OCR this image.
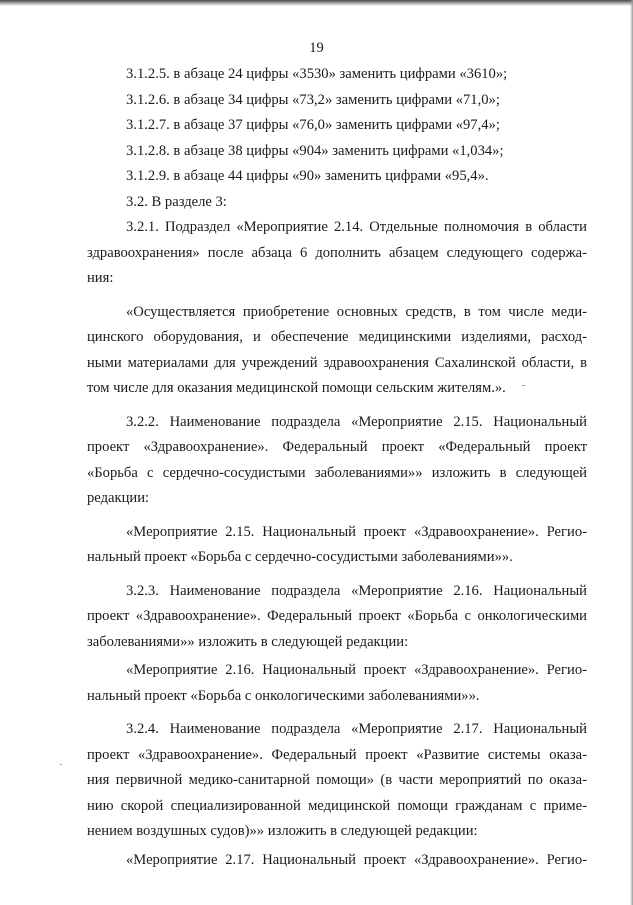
19
3.1.2.5. в абзаце 24 цифры «3530» заменить цифрами «3610»;
3.1.2.6. в абзаце 34 цифры «73,2» заменить цифрами «71,0»;
3.1.2.7. в абзаце 37 цифры «76,0» заменить цифрами «97,4»;
3.1.2.8. в абзаце 38 цифры «904» заменить цифрами «1,034»;
3.1.2.9. в абзаце 44 цифры «90» заменить цифрами «95,4».
3.2. В разделе 3:
3.2.1. Подраздел «Мероприятие 2.14. Отдельные полномочия в области
здравоохранения» после абзаца 6 дополнить абзацем следующего содержа-
ния:
«Осуществляется приобретение основных средств, в том числе меди-
цинского оборудования, и обеспечение медицинскими изделиями, расход-
ными материалами для учреждений здравоохранения Сахалинской области, в
том числе для оказания медицинской помощи сельским жителям.».
3.2.2. Наименование подраздела «Мероприятие 2.15. Национальный
проект «Здравоохранение». Федеральный проект «Федеральный проект
«Борьба с сердечно-сосудистыми заболеваниями»» изложить в следующей
редакции:
«Мероприятие 2.15. Национальный проект «Здравоохранение». Регио-
нальный проект «Борьба с сердечно-сосудистыми заболеваниями»».
3.2.3. Наименование подраздела «Мероприятие 2.16. Национальный
проект «Здравоохранение». Федеральный проект «Борьба с онкологическими
заболеваниями»» изложить в следующей редакции:
«Мероприятие 2.16. Национальный проект «Здравоохранение». Регио-
нальный проект «Борьба с онкологическими заболеваниями»».
3.2.4. Наименование подраздела «Мероприятие 2.17. Национальный
проект «Здравоохранение». Федеральный проект «Развитие системы оказа-
ния первичной медико-санитарной помощи» (в части мероприятий по оказа-
нию скорой специализированной медицинской помощи гражданам с приме-
нением воздушных судов)»» изложить в следующей редакции:
«Мероприятие 2.17. Национальный проект «Здравоохранение». Регио-
